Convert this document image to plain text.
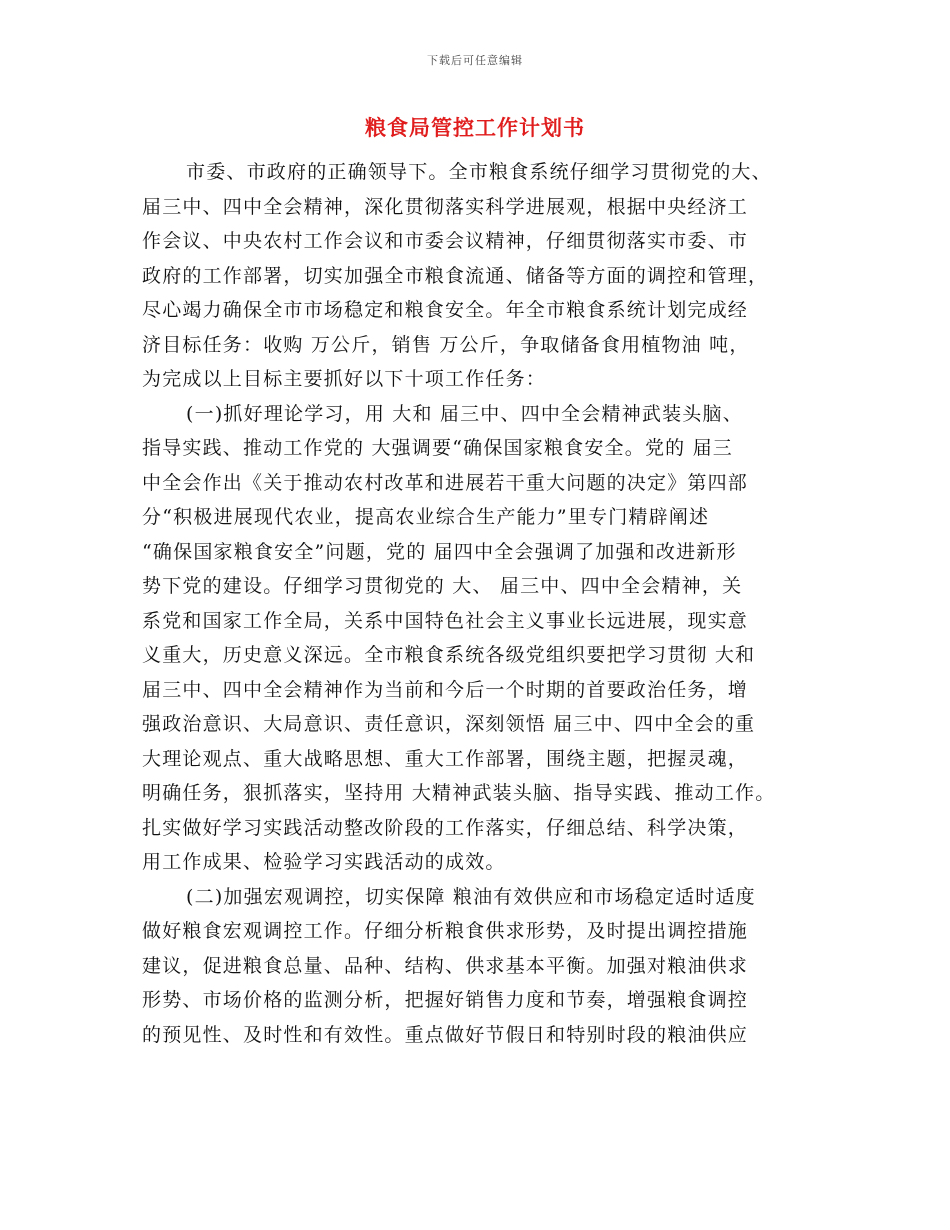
下载后可任意编辑
粮食局管控工作计划书
市委、市政府的正确领导下。全市粮食系统仔细学习贯彻党的大、
届三中、四中全会精神，深化贯彻落实科学进展观，根据中央经济工
作会议、中央农村工作会议和市委会议精神，仔细贯彻落实市委、市
政府的工作部署，切实加强全市粮食流通、储备等方面的调控和管理，
尽心竭力确保全市市场稳定和粮食安全。年全市粮食系统计划完成经
济目标任务：收购 万公斤，销售 万公斤，争取储备食用植物油 吨，
为完成以上目标主要抓好以下十项工作任务：
(一)抓好理论学习，用 大和 届三中、四中全会精神武装头脑、
指导实践、推动工作党的 大强调要“确保国家粮食安全。党的 届三
中全会作出《关于推动农村改革和进展若干重大问题的决定》第四部
分“积极进展现代农业，提高农业综合生产能力”里专门精辟阐述
“确保国家粮食安全”问题，党的 届四中全会强调了加强和改进新形
势下党的建设。仔细学习贯彻党的 大、 届三中、四中全会精神，关
系党和国家工作全局，关系中国特色社会主义事业长远进展，现实意
义重大，历史意义深远。全市粮食系统各级党组织要把学习贯彻 大和
届三中、四中全会精神作为当前和今后一个时期的首要政治任务，增
强政治意识、大局意识、责任意识，深刻领悟 届三中、四中全会的重
大理论观点、重大战略思想、重大工作部署，围绕主题，把握灵魂，
明确任务，狠抓落实，坚持用 大精神武装头脑、指导实践、推动工作。
扎实做好学习实践活动整改阶段的工作落实，仔细总结、科学决策，
用工作成果、检验学习实践活动的成效。
(二)加强宏观调控，切实保障 粮油有效供应和市场稳定适时适度
做好粮食宏观调控工作。仔细分析粮食供求形势，及时提出调控措施
建议，促进粮食总量、品种、结构、供求基本平衡。加强对粮油供求
形势、市场价格的监测分析，把握好销售力度和节奏，增强粮食调控
的预见性、及时性和有效性。重点做好节假日和特别时段的粮油供应
